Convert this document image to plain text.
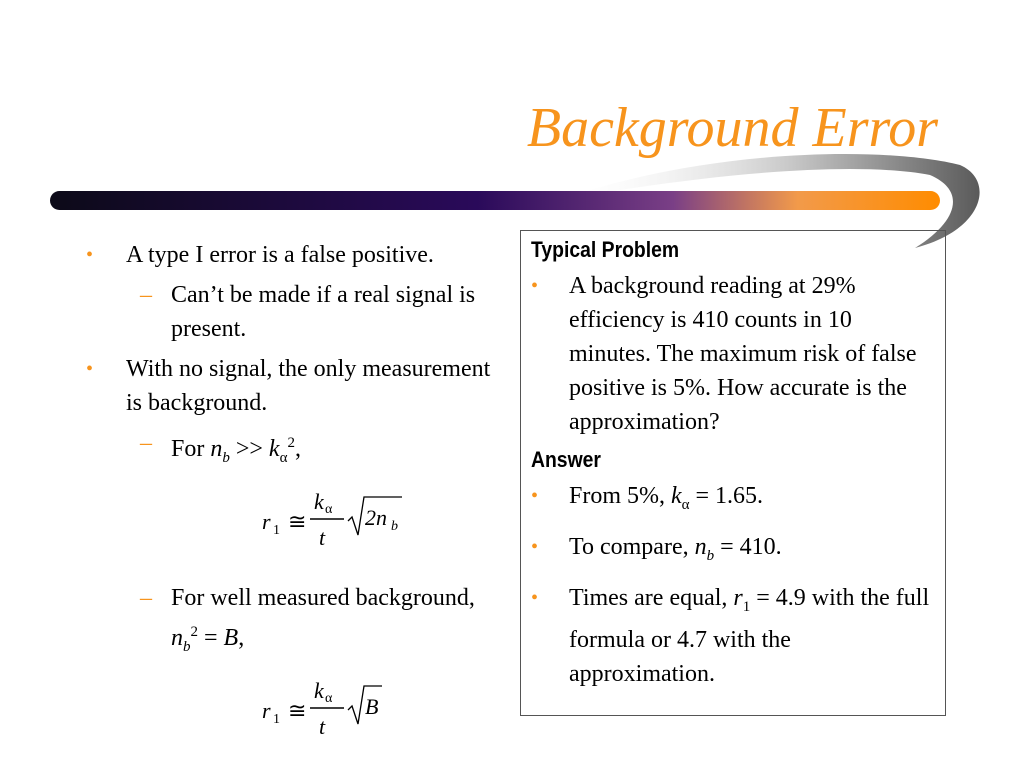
Background Error
• A type I error is a false positive.
– Can’t be made if a real signal is present.
• With no signal, the only measurement is background.
– For $n_b >> k_\alpha^2$,
r 1 ≅
k α
t
2n b
– For well measured background, $n_b^2 = B$,
r 1 ≅
k α
t
B
Typical Problem
• A background reading at 29% efficiency is 410 counts in 10 minutes. The maximum risk of false positive is 5%. How accurate is the approximation?
Answer
• From 5%, $k_\alpha = 1.65$.
• To compare, $n_b = 410$.
• Times are equal, $r_1 = 4.9$ with the full formula or 4.7 with the approximation.
